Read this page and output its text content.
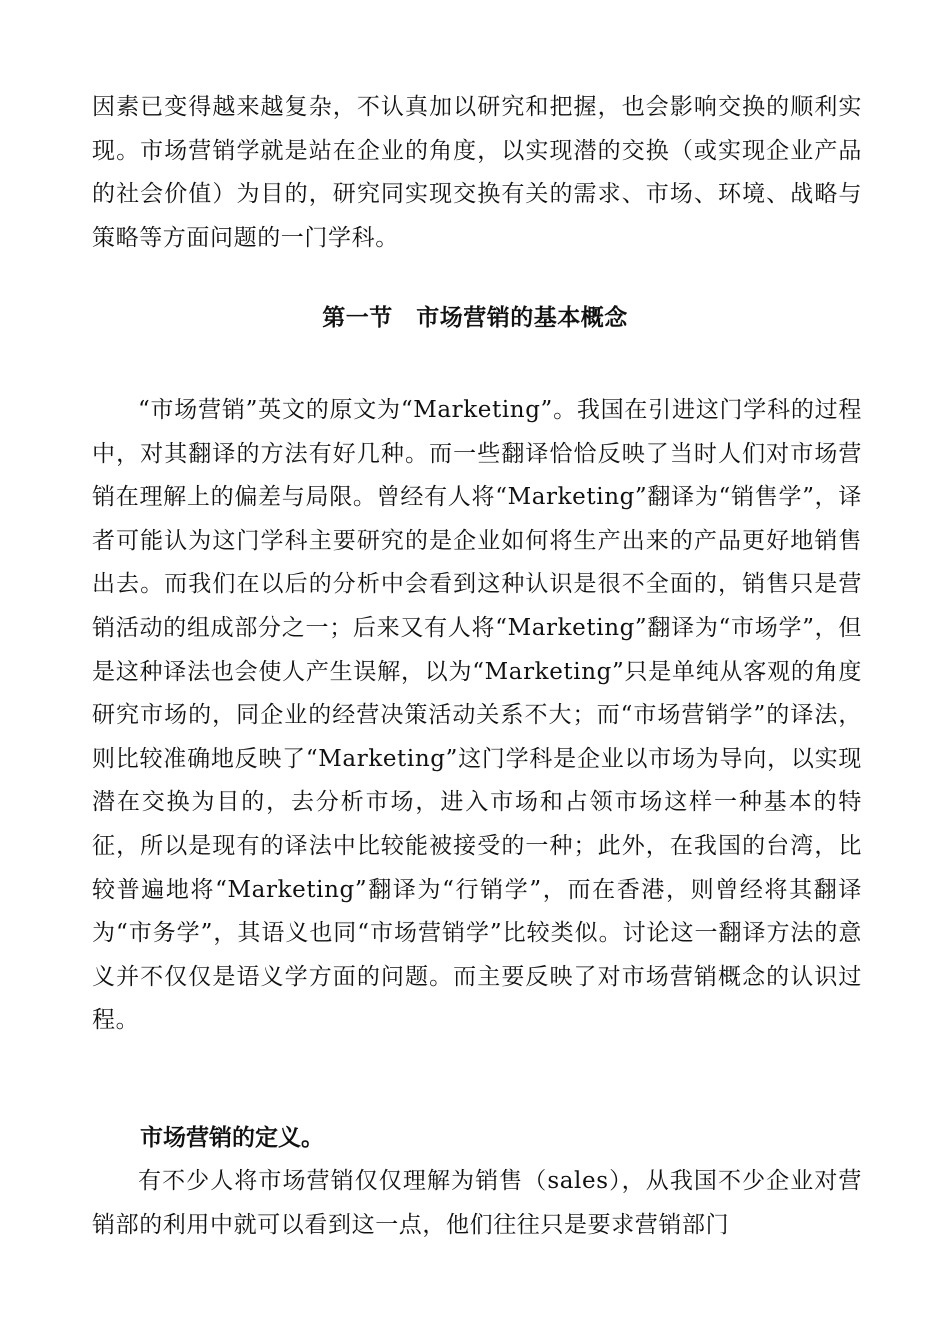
因素已变得越来越复杂，不认真加以研究和把握，也会影响交换的顺利实现。市场营销学就是站在企业的角度，以实现潜的交换（或实现企业产品的社会价值）为目的，研究同实现交换有关的需求、市场、环境、战略与策略等方面问题的一门学科。

第一节　市场营销的基本概念

“市场营销”英文的原文为“Marketing”。我国在引进这门学科的过程中，对其翻译的方法有好几种。而一些翻译恰恰反映了当时人们对市场营销在理解上的偏差与局限。曾经有人将“Marketing”翻译为“销售学”，译者可能认为这门学科主要研究的是企业如何将生产出来的产品更好地销售出去。而我们在以后的分析中会看到这种认识是很不全面的，销售只是营销活动的组成部分之一；后来又有人将“Marketing”翻译为“市场学”，但是这种译法也会使人产生误解，以为“Marketing”只是单纯从客观的角度研究市场的，同企业的经营决策活动关系不大；而“市场营销学”的译法，则比较准确地反映了“Marketing”这门学科是企业以市场为导向，以实现潜在交换为目的，去分析市场，进入市场和占领市场这样一种基本的特征，所以是现有的译法中比较能被接受的一种；此外，在我国的台湾，比较普遍地将“Marketing”翻译为“行销学”，而在香港，则曾经将其翻译为“市务学”，其语义也同“市场营销学”比较类似。讨论这一翻译方法的意义并不仅仅是语义学方面的问题。而主要反映了对市场营销概念的认识过程。

市场营销的定义。

有不少人将市场营销仅仅理解为销售（sales），从我国不少企业对营销部的利用中就可以看到这一点，他们往往只是要求营销部门
